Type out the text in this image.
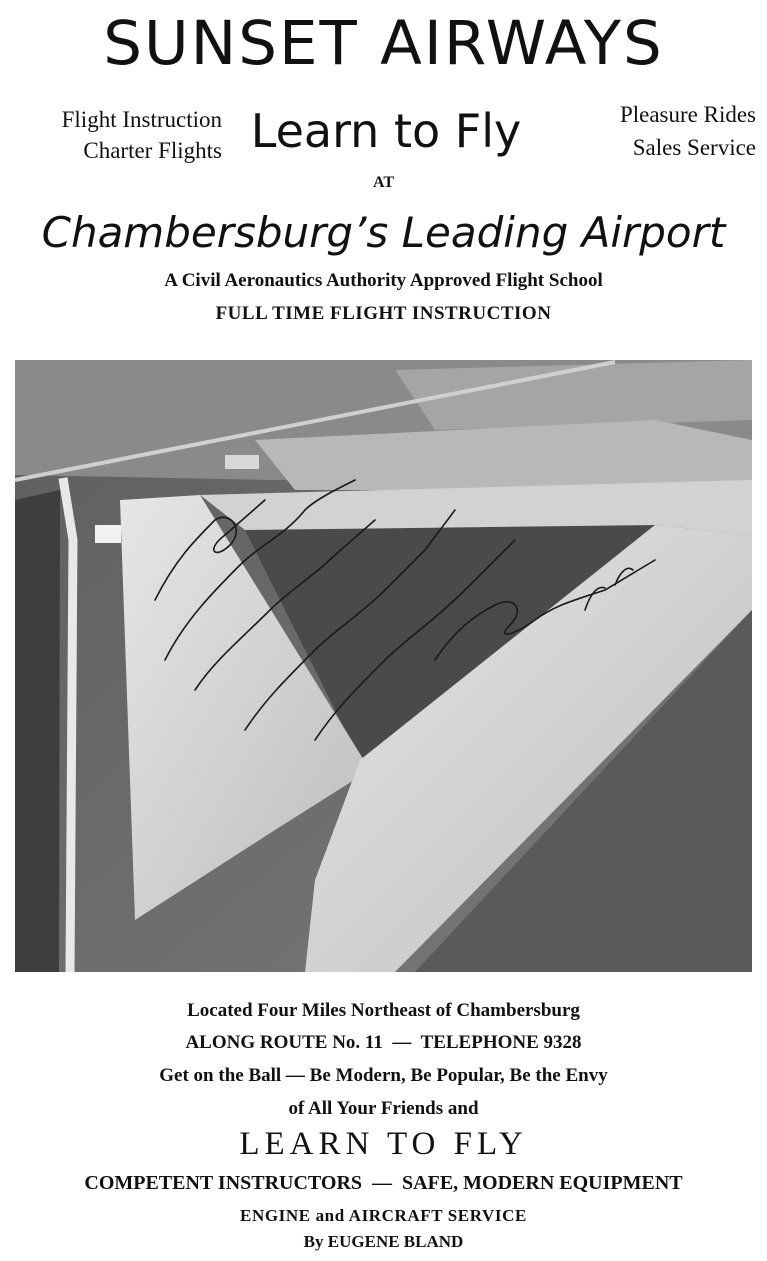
SUNSET AIRWAYS
Flight Instruction
Charter Flights Learn to Fly	Pleasure Rides
Sales Service
AT
Chambersburg’s Leading Airport
A Civil Aeronautics Authority Approved Flight School
FULL TIME FLIGHT INSTRUCTION
Located Four Miles Northeast of Chambersburg
ALONG ROUTE No. 11  —  TELEPHONE 9328
Get on the Ball — Be Modern, Be Popular, Be the Envy
of All Your Friends and
LEARN TO FLY
COMPETENT INSTRUCTORS  —  SAFE, MODERN EQUIPMENT
ENGINE and AIRCRAFT SERVICE
By EUGENE BLAND
